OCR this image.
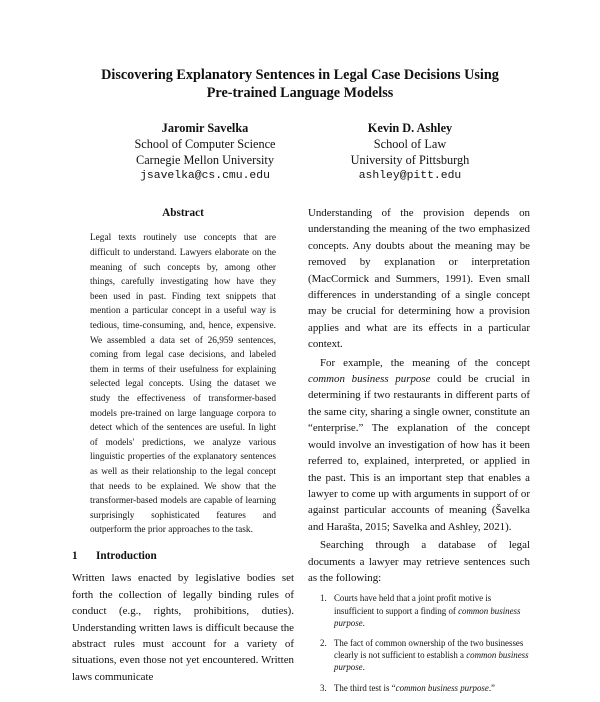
Discovering Explanatory Sentences in Legal Case Decisions Using
Pre-trained Language Modelss
Jaromir Savelka
School of Computer Science
Carnegie Mellon University
jsavelka@cs.cmu.edu
Kevin D. Ashley
School of Law
University of Pittsburgh
ashley@pitt.edu
Abstract
Legal texts routinely use concepts that are difficult to understand. Lawyers elaborate on the meaning of such concepts by, among other things, carefully investigating how have they been used in past. Finding text snippets that mention a particular concept in a useful way is tedious, time-consuming, and, hence, expensive. We assembled a data set of 26,959 sentences, coming from legal case decisions, and labeled them in terms of their usefulness for explaining selected legal concepts. Using the dataset we study the effectiveness of transformer-based models pre-trained on large language corpora to detect which of the sentences are useful. In light of models' predictions, we analyze various linguistic properties of the explanatory sentences as well as their relationship to the legal concept that needs to be explained. We show that the transformer-based models are capable of learning surprisingly sophisticated features and outperform the prior approaches to the task.
1 Introduction

Written laws enacted by legislative bodies set forth the collection of legally binding rules of conduct (e.g., rights, prohibitions, duties). Understanding written laws is difficult because the abstract rules must account for a variety of situations, even those not yet encountered. Written laws communicate

Understanding of the provision depends on understanding the meaning of the two emphasized concepts. Any doubts about the meaning may be removed by explanation or interpretation (MacCormick and Summers, 1991). Even small differences in understanding of a single concept may be crucial for determining how a provision applies and what are its effects in a particular context.

For example, the meaning of the concept common business purpose could be crucial in determining if two restaurants in different parts of the same city, sharing a single owner, constitute an “enterprise.” The explanation of the concept would involve an investigation of how has it been referred to, explained, interpreted, or applied in the past. This is an important step that enables a lawyer to come up with arguments in support of or against particular accounts of meaning (Šavelka and Harašta, 2015; Savelka and Ashley, 2021).

Searching through a database of legal documents a lawyer may retrieve sentences such as the following:

1. Courts have held that a joint profit motive is insufficient to support a finding of common business purpose.
2. The fact of common ownership of the two businesses clearly is not sufficient to establish a common business purpose.
3. The third test is “common business purpose.”
